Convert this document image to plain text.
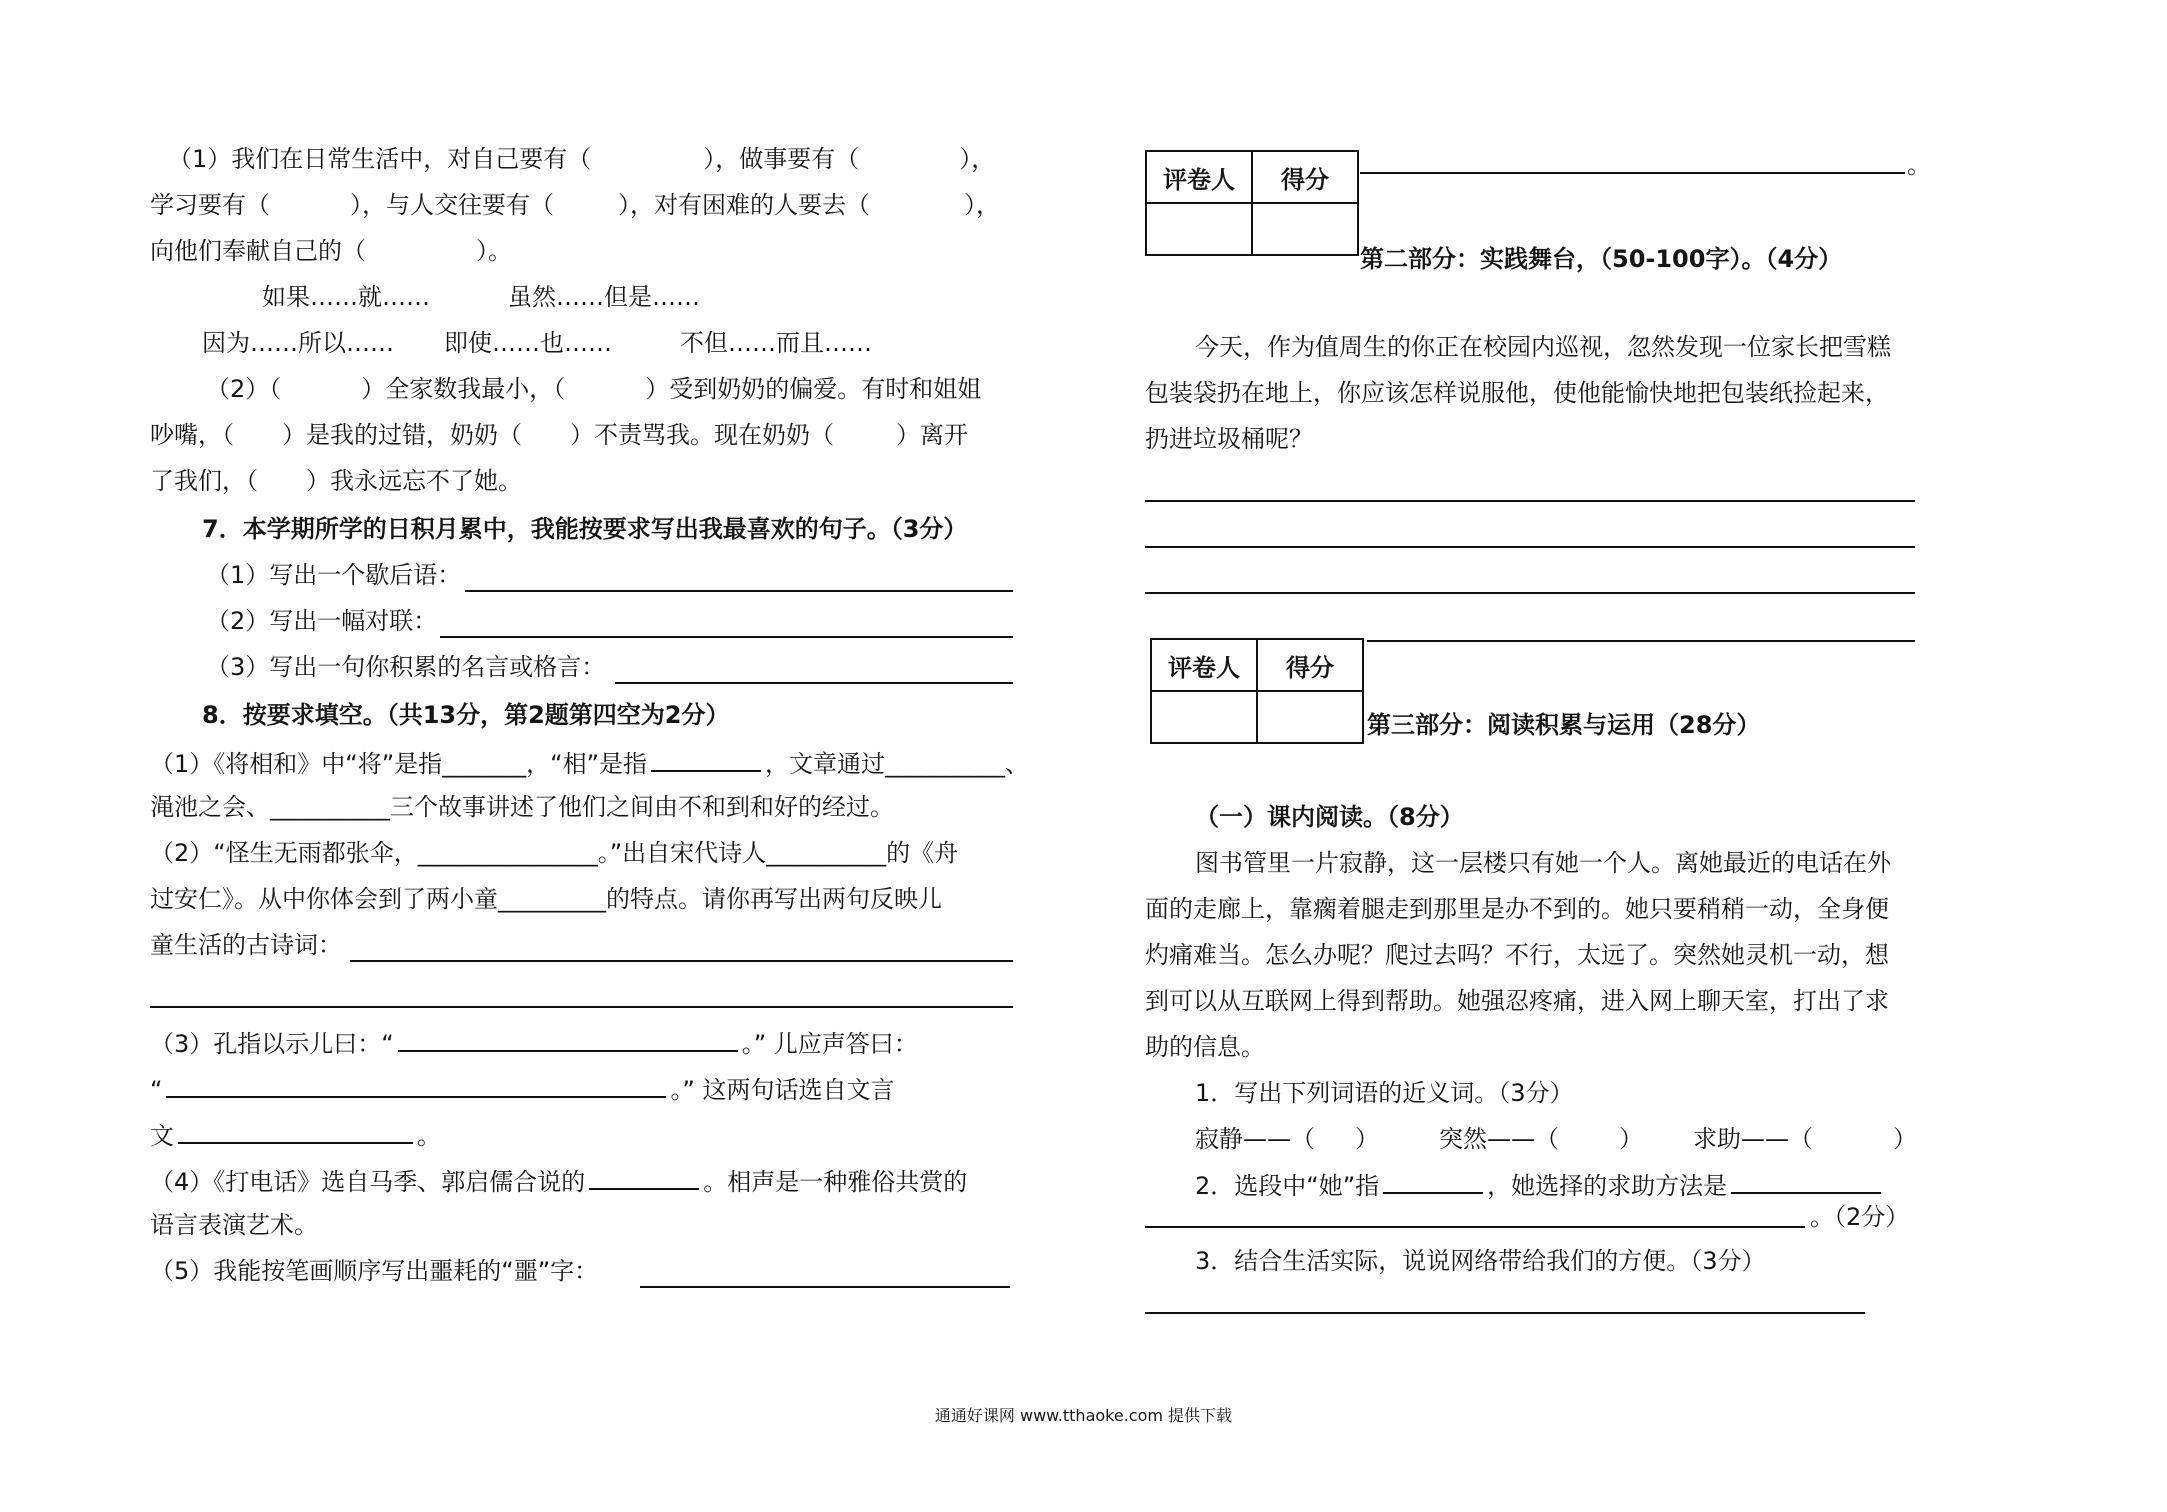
（1）我们在日常生活中，对自己要有（	），做事要有（	），
学习要有（	），与人交往要有（	），对有困难的人要去（	），
向他们奉献自己的（	）。
如果……就……	虽然……但是……
因为……所以…… 即使……也……	不但……而且……
（2）（	）全家数我最小，（	）受到奶奶的偏爱。有时和姐姐
吵嘴，（ ）是我的过错，奶奶（ ）不责骂我。现在奶奶（	）离开
了我们，（ ）我永远忘不了她。
7．本学期所学的日积月累中，我能按要求写出我最喜欢的句子。（3分）
（1）写出一个歇后语：
（2）写出一幅对联：
（3）写出一句你积累的名言或格言：
8．按要求填空。（共13分，第2题第四空为2分）
（1）《将相和》中“将”是指_______，“相”是指	，文章通过__________、
渑池之会、__________三个故事讲述了他们之间由不和到和好的经过。
（2）“怪生无雨都张伞，_______________。”出自宋代诗人__________的《舟
过安仁》。从中你体会到了两小童_________的特点。请你再写出两句反映儿
童生活的古诗词：
（3）孔指以示儿曰：“	。” 儿应声答曰：
“	。” 这两句话选自文言
文	。
（4）《打电话》选自马季、郭启儒合说的	。相声是一种雅俗共赏的
语言表演艺术。
（5）我能按笔画顺序写出噩耗的“噩”字：
评卷人	得分

。
第二部分：实践舞台，（50-100字）。（4分）
今天，作为值周生的你正在校园内巡视，忽然发现一位家长把雪糕
包装袋扔在地上，你应该怎样说服他，使他能愉快地把包装纸捡起来，
扔进垃圾桶呢？
评卷人	得分

第三部分：阅读积累与运用（28分）
（一）课内阅读。（8分）
图书管里一片寂静，这一层楼只有她一个人。离她最近的电话在外
面的走廊上，靠瘸着腿走到那里是办不到的。她只要稍稍一动，全身便
灼痛难当。怎么办呢？爬过去吗？不行，太远了。突然她灵机一动，想
到可以从互联网上得到帮助。她强忍疼痛，进入网上聊天室，打出了求
助的信息。
1．写出下列词语的近义词。（3分）
寂静——（ ）	突然——（	） 求助——（	）
2．选段中“她”指	，她选择的求助方法是
。（2分）
3．结合生活实际，说说网络带给我们的方便。（3分）
通通好课网 www.tthaoke.com 提供下载
